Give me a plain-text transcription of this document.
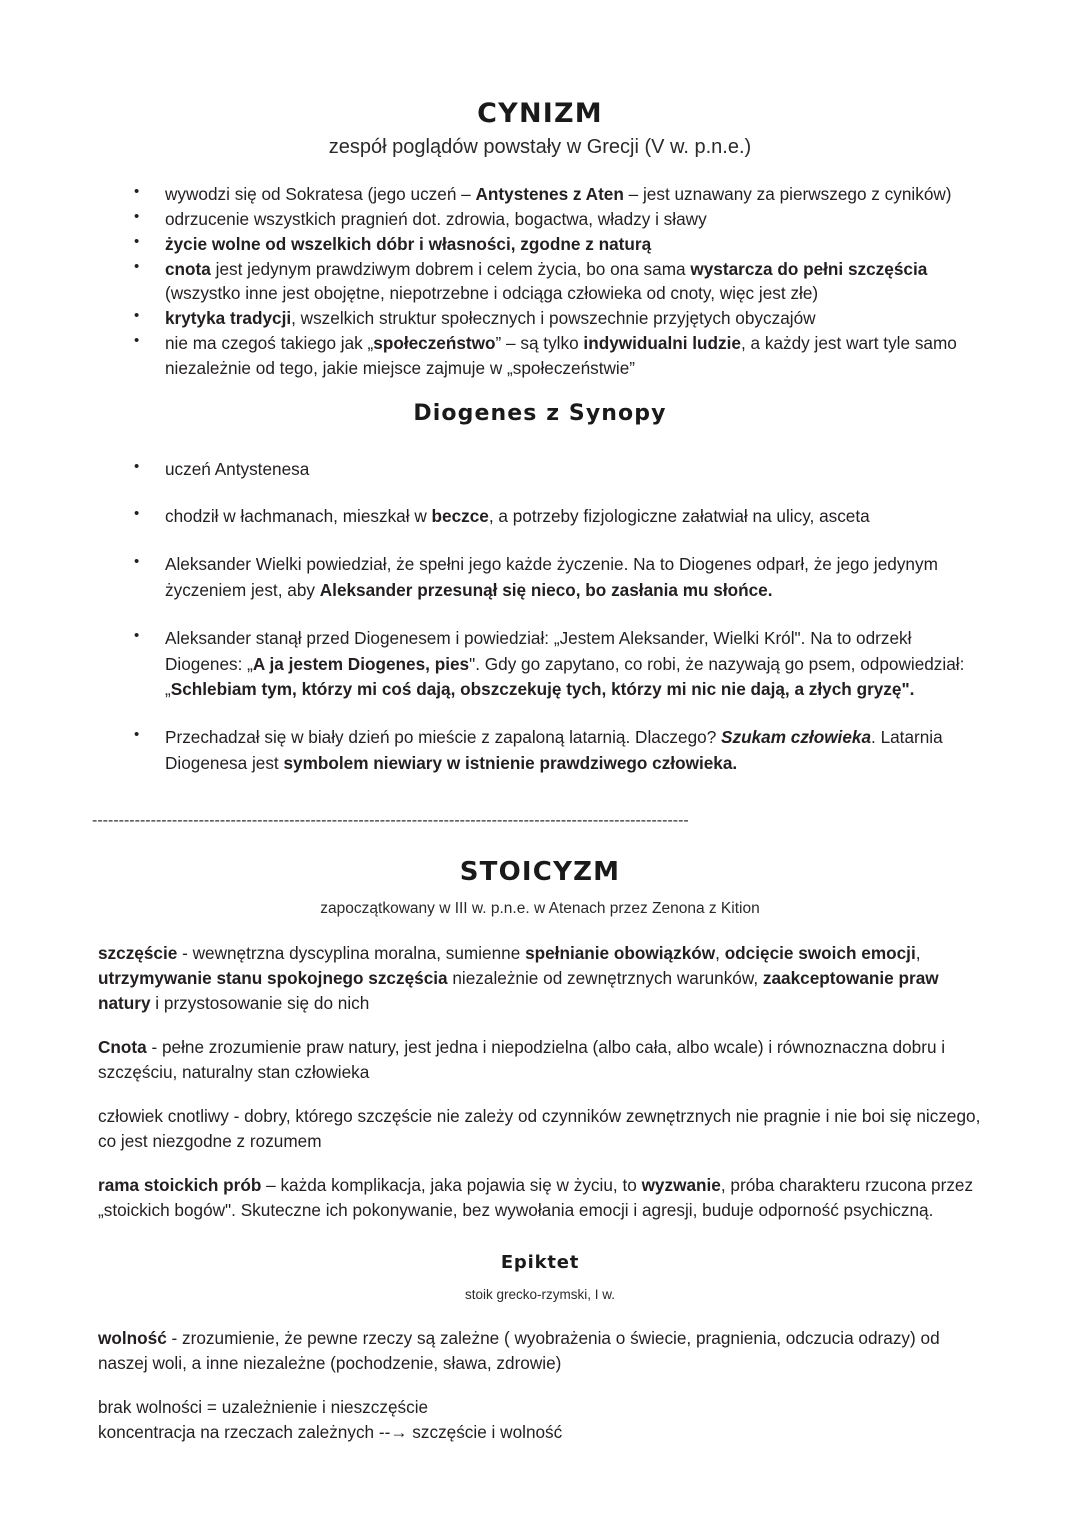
CYNIZM

zespół poglądów powstały w Grecji (V w. p.n.e.)

• wywodzi się od Sokratesa (jego uczeń – Antystenes z Aten – jest uznawany za pierwszego z cyników)
• odrzucenie wszystkich pragnień dot. zdrowia, bogactwa, władzy i sławy
• życie wolne od wszelkich dóbr i własności, zgodne z naturą
• cnota jest jedynym prawdziwym dobrem i celem życia, bo ona sama wystarcza do pełni szczęścia (wszystko inne jest obojętne, niepotrzebne i odciąga człowieka od cnoty, więc jest złe)
• krytyka tradycji, wszelkich struktur społecznych i powszechnie przyjętych obyczajów
• nie ma czegoś takiego jak „społeczeństwo” – są tylko indywidualni ludzie, a każdy jest wart tyle samo niezależnie od tego, jakie miejsce zajmuje w „społeczeństwie”
Diogenes z Synopy
• uczeń Antystenesa
• chodził w łachmanach, mieszkał w beczce, a potrzeby fizjologiczne załatwiał na ulicy, asceta
• Aleksander Wielki powiedział, że spełni jego każde życzenie. Na to Diogenes odparł, że jego jedynym życzeniem jest, aby Aleksander przesunął się nieco, bo zasłania mu słońce.
• Aleksander stanął przed Diogenesem i powiedział: „Jestem Aleksander, Wielki Król". Na to odrzekł Diogenes: „A ja jestem Diogenes, pies". Gdy go zapytano, co robi, że nazywają go psem, odpowiedział: „Schlebiam tym, którzy mi coś dają, obszczekuję tych, którzy mi nic nie dają, a złych gryzę".
• Przechadzał się w biały dzień po mieście z zapaloną latarnią. Dlaczego? Szukam człowieka. Latarnia Diogenesa jest symbolem niewiary w istnienie prawdziwego człowieka.
----------------------------------------------------------------------------------------------------------------
STOICYZM

zapoczątkowany w III w. p.n.e. w Atenach przez Zenona z Kition

szczęście - wewnętrzna dyscyplina moralna, sumienne spełnianie obowiązków, odcięcie swoich emocji, utrzymywanie stanu spokojnego szczęścia niezależnie od zewnętrznych warunków, zaakceptowanie praw natury i przystosowanie się do nich

Cnota - pełne zrozumienie praw natury, jest jedna i niepodzielna (albo cała, albo wcale) i równoznaczna dobru i szczęściu, naturalny stan człowieka

człowiek cnotliwy - dobry, którego szczęście nie zależy od czynników zewnętrznych nie pragnie i nie boi się niczego, co jest niezgodne z rozumem

rama stoickich prób – każda komplikacja, jaka pojawia się w życiu, to wyzwanie, próba charakteru rzucona przez „stoickich bogów". Skuteczne ich pokonywanie, bez wywołania emocji i agresji, buduje odporność psychiczną.

Epiktet

stoik grecko-rzymski, I w.

wolność - zrozumienie, że pewne rzeczy są zależne ( wyobrażenia o świecie, pragnienia, odczucia odrazy) od naszej woli, a inne niezależne (pochodzenie, sława, zdrowie)

brak wolności = uzależnienie i nieszczęście
koncentracja na rzeczach zależnych --→ szczęście i wolność
